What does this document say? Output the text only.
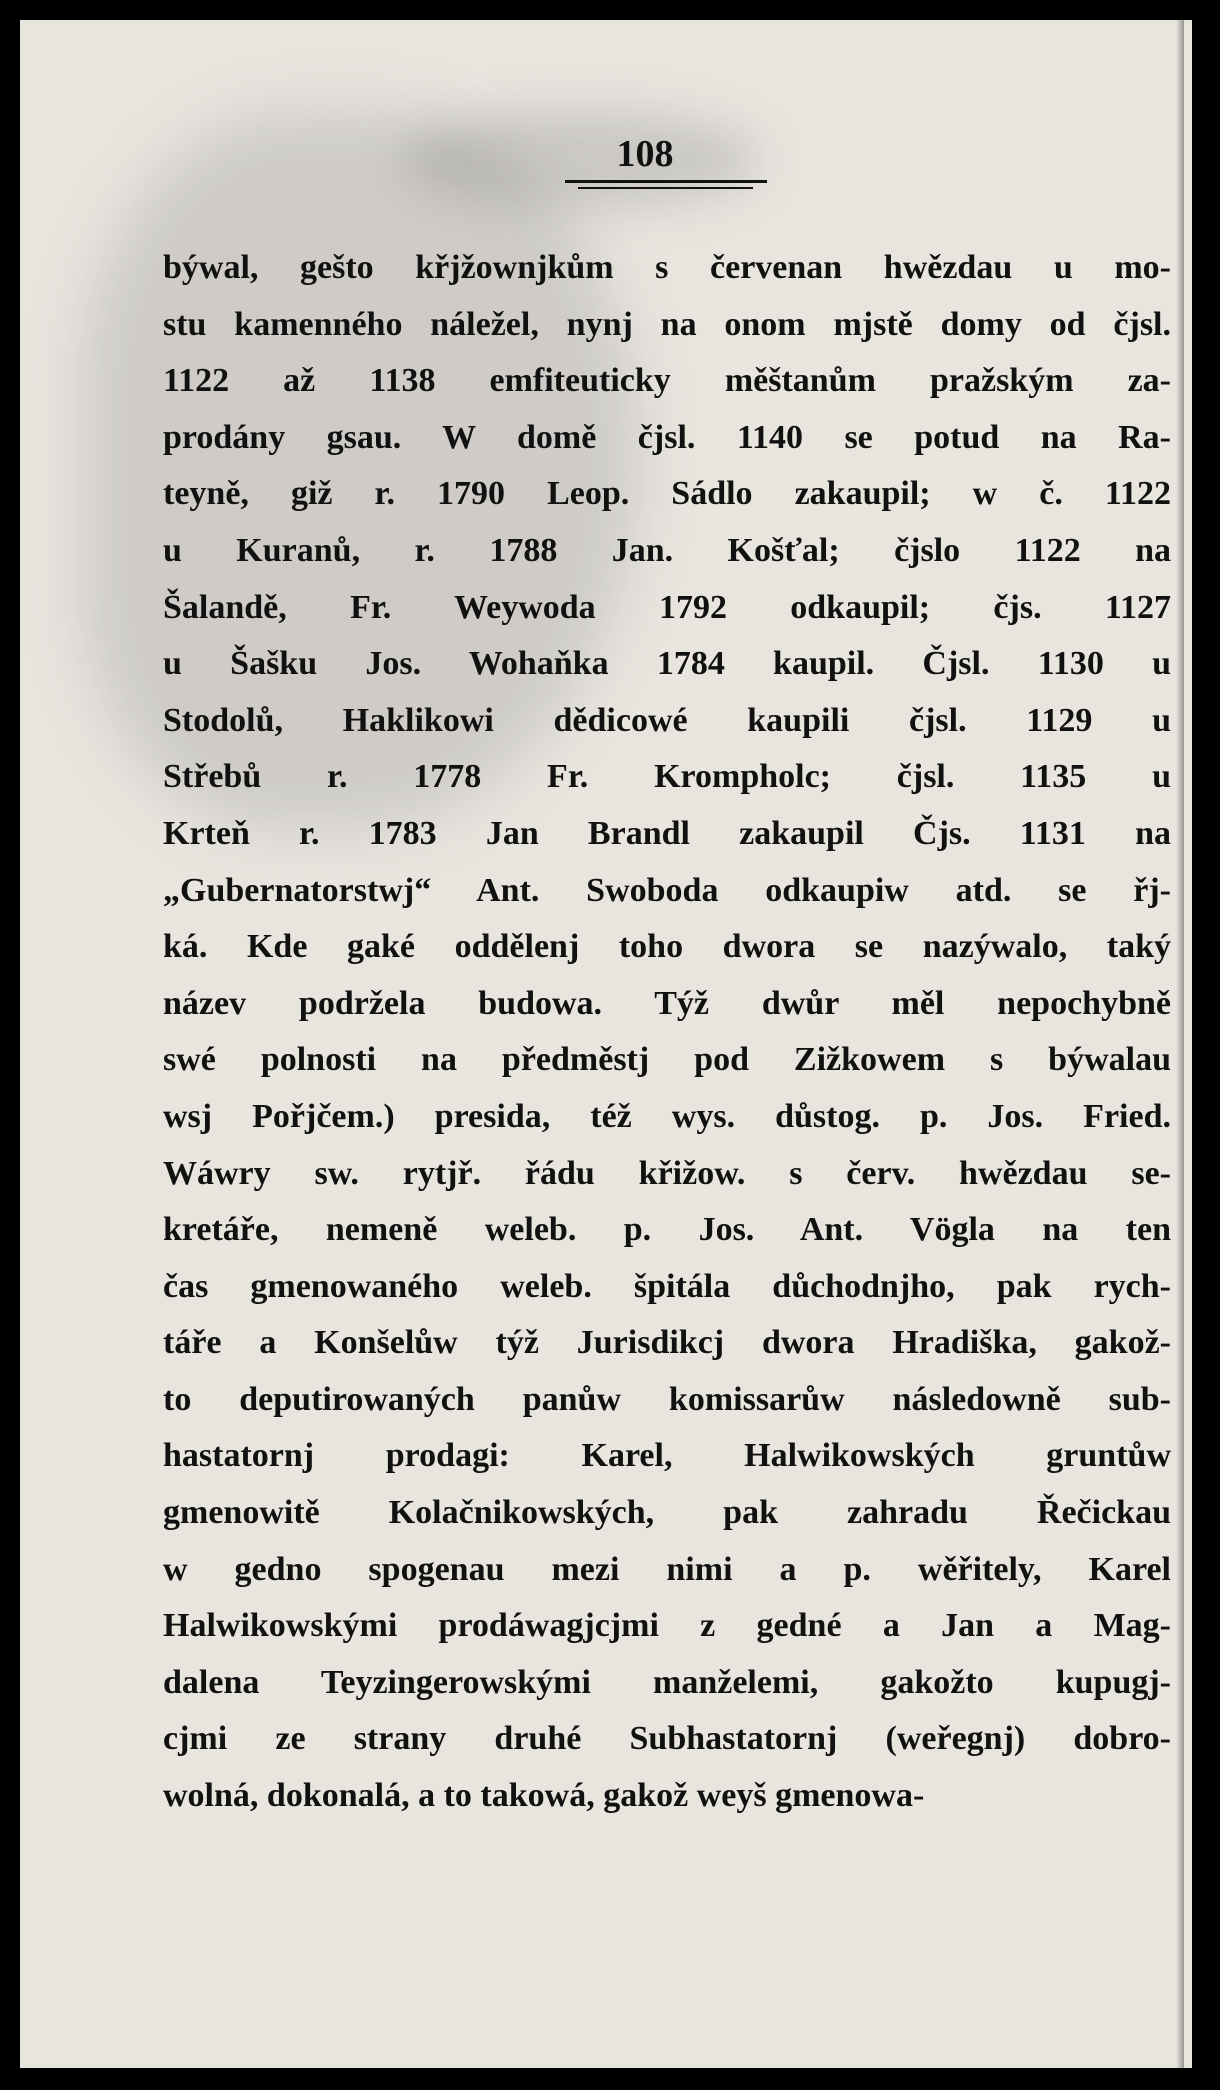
108
býwal, gešto křjžownjkům s červenan hwězdau u mo-
stu kamenného náležel, nynj na onom mjstě domy od čjsl.
1122 až 1138 emfiteuticky měštanům pražským za-
prodány gsau. W domě čjsl. 1140 se potud na Ra-
teyně, giž r. 1790 Leop. Sádlo zakaupil; w č. 1122
u Kuranů, r. 1788 Jan. Košťal; čjslo 1122 na
Šalandě, Fr. Weywoda 1792 odkaupil; čjs. 1127
u Šašku Jos. Wohaňka 1784 kaupil. Čjsl. 1130 u
Stodolů, Haklikowi dědicowé kaupili čjsl. 1129 u
Střebů r. 1778 Fr. Krompholc; čjsl. 1135 u
Krteň r. 1783 Jan Brandl zakaupil Čjs. 1131 na
„Gubernatorstwj“ Ant. Swoboda odkaupiw atd. se řj-
ká. Kde gaké oddělenj toho dwora se nazýwalo, taký
název podržela budowa. Týž dwůr měl nepochybně
swé polnosti na předměstj pod Zižkowem s býwalau
wsj Pořjčem.) presida, též wys. důstog. p. Jos. Fried.
Wáwry sw. rytjř. řádu křižow. s červ. hwězdau se-
kretáře, nemeně weleb. p. Jos. Ant. Vögla na ten
čas gmenowaného weleb. špitála důchodnjho, pak rych-
táře a Konšelůw týž Jurisdikcj dwora Hradiška, gakož-
to deputirowaných panůw komissarůw následowně sub-
hastatornj prodagi: Karel, Halwikowských gruntůw
gmenowitě Kolačnikowských, pak zahradu Řečickau
w gedno spogenau mezi nimi a p. wěřitely, Karel
Halwikowskými prodáwagjcjmi z gedné a Jan a Mag-
dalena Teyzingerowskými manželemi, gakožto kupugj-
cjmi ze strany druhé Subhastatornj (weřegnj) dobro-
wolná, dokonalá, a to takowá, gakož weyš gmenowa-
